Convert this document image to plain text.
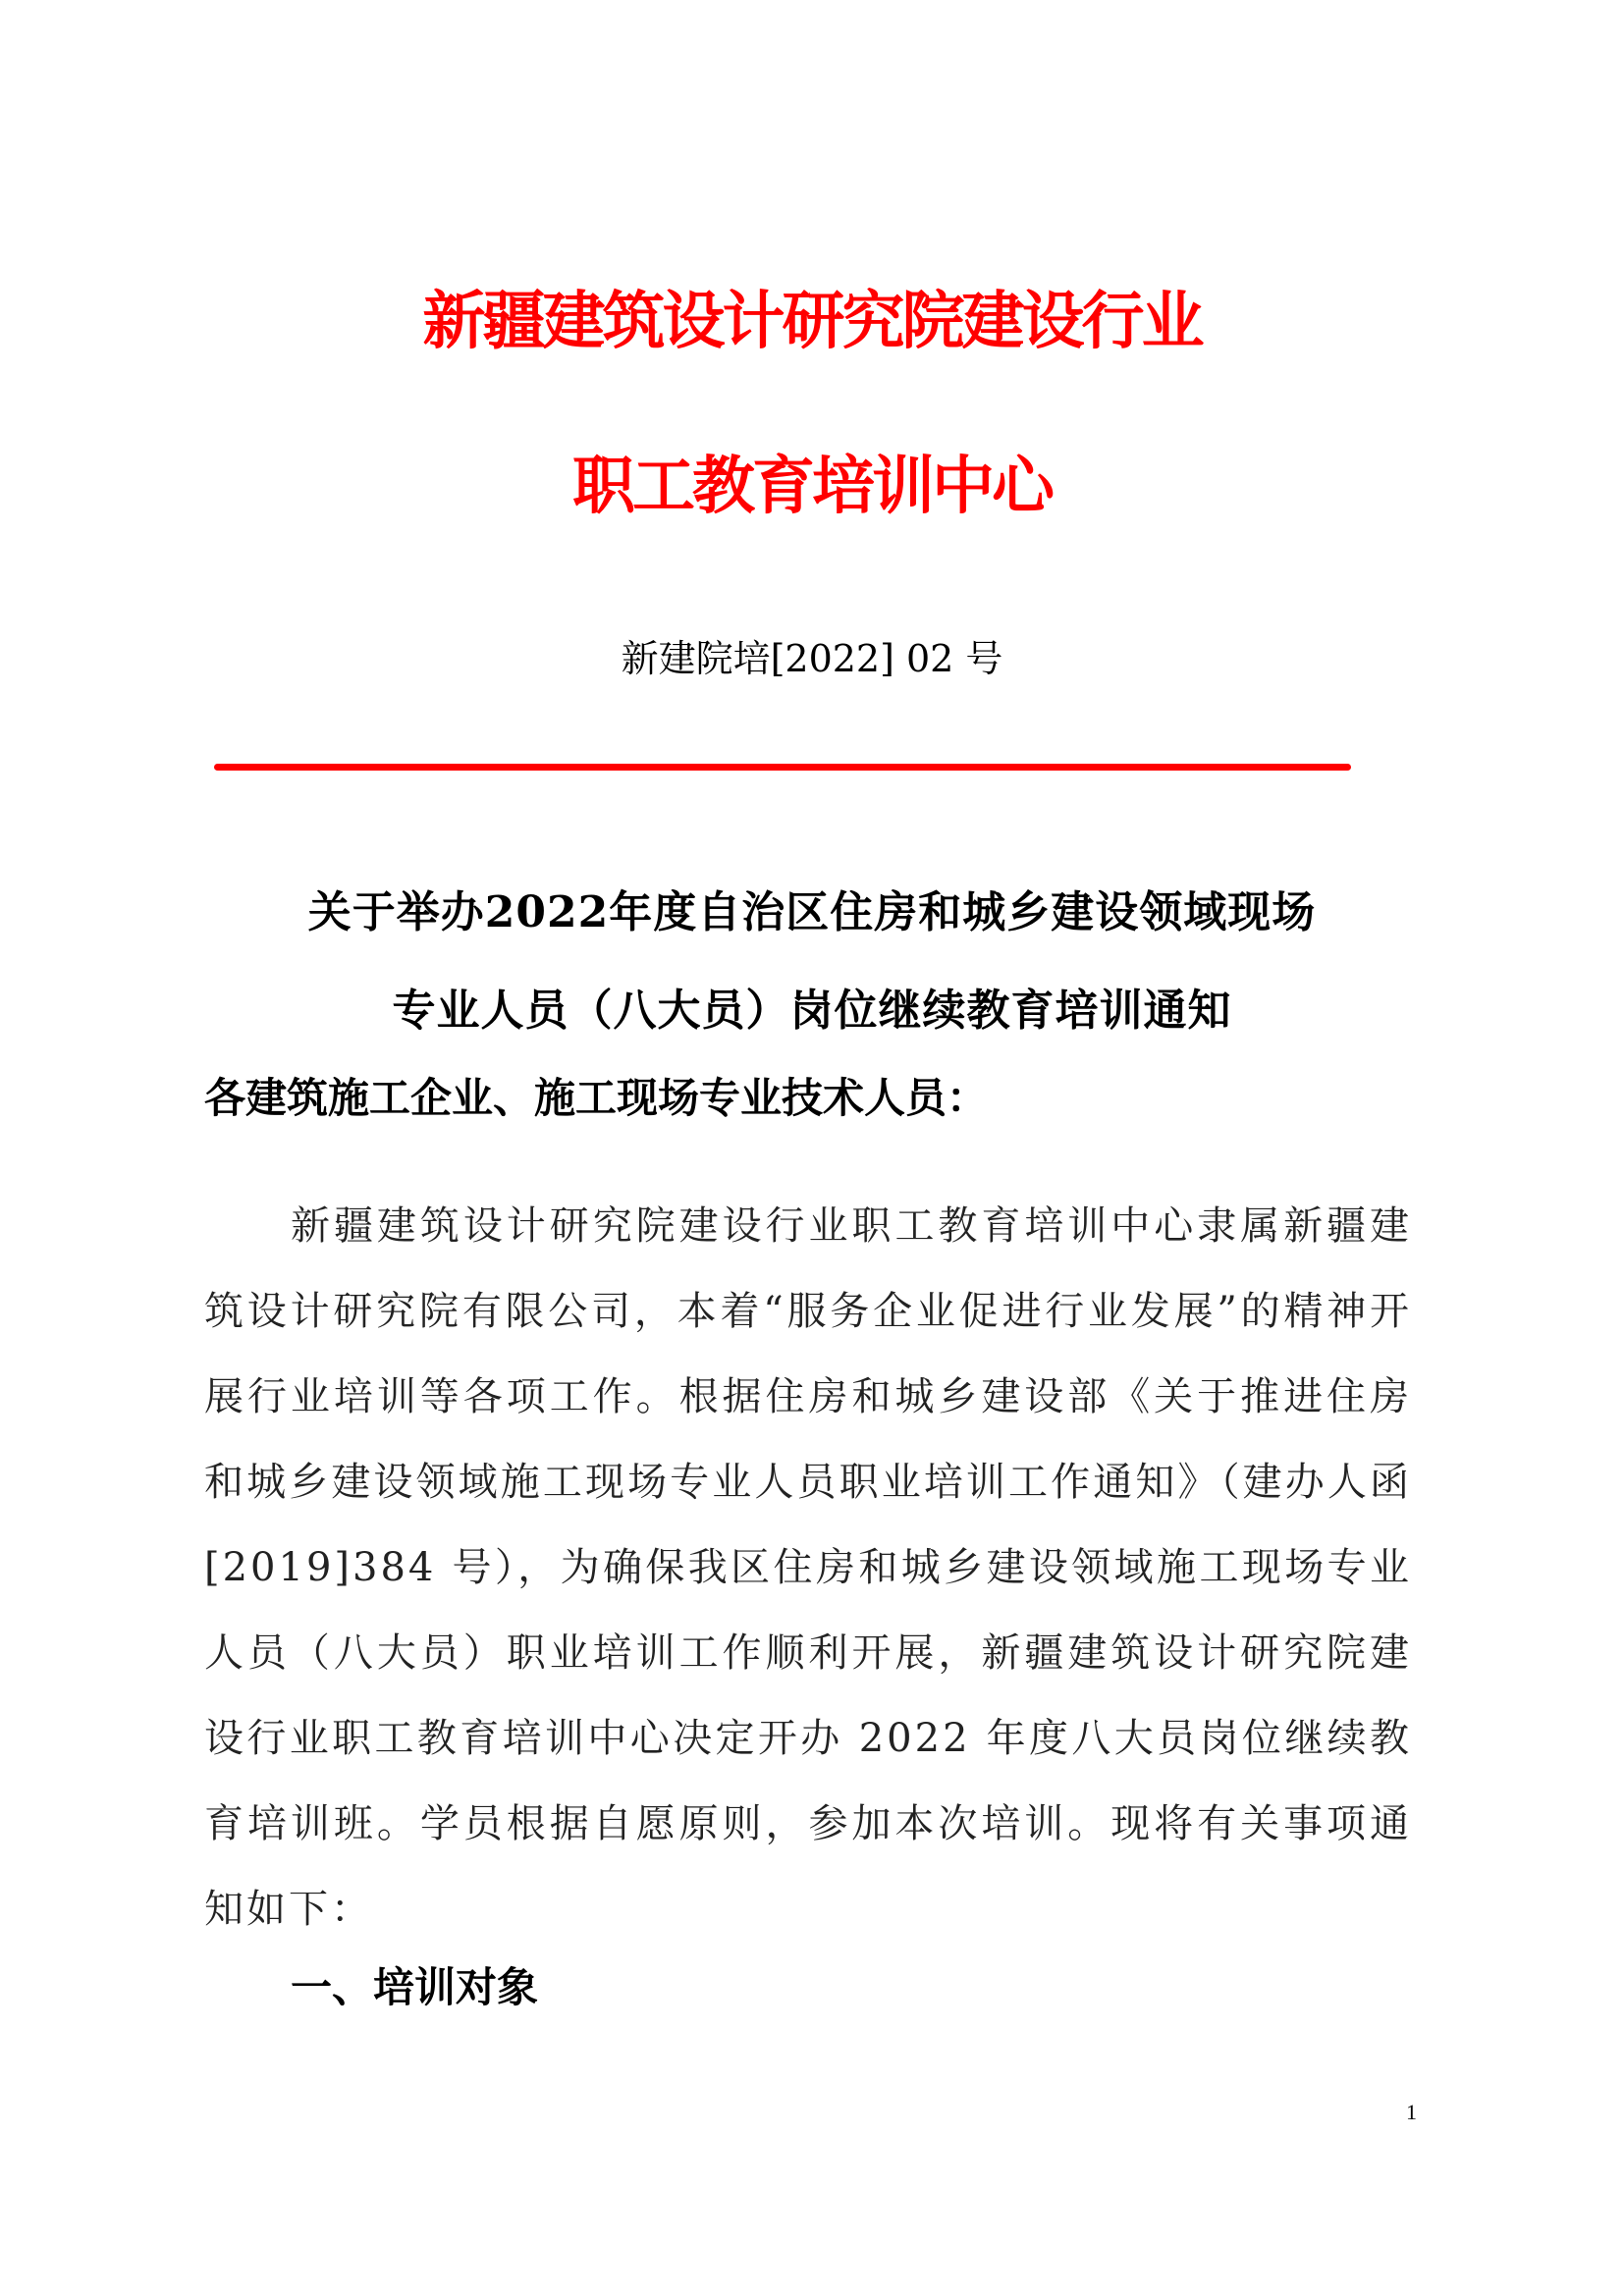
新疆建筑设计研究院建设行业
职工教育培训中心
新建院培[2022] 02 号
关于举办2022年度自治区住房和城乡建设领域现场
专业人员（八大员）岗位继续教育培训通知
各建筑施工企业、施工现场专业技术人员：

新疆建筑设计研究院建设行业职工教育培训中心隶属新疆建筑设计研究院有限公司，本着“服务企业促进行业发展”的精神开展行业培训等各项工作。根据住房和城乡建设部《关于推进住房和城乡建设领域施工现场专业人员职业培训工作通知》（建办人函[2019]384 号），为确保我区住房和城乡建设领域施工现场专业人员（八大员）职业培训工作顺利开展，新疆建筑设计研究院建设行业职工教育培训中心决定开办 2022 年度八大员岗位继续教育培训班。学员根据自愿原则，参加本次培训。现将有关事项通知如下：

一、培训对象
1
